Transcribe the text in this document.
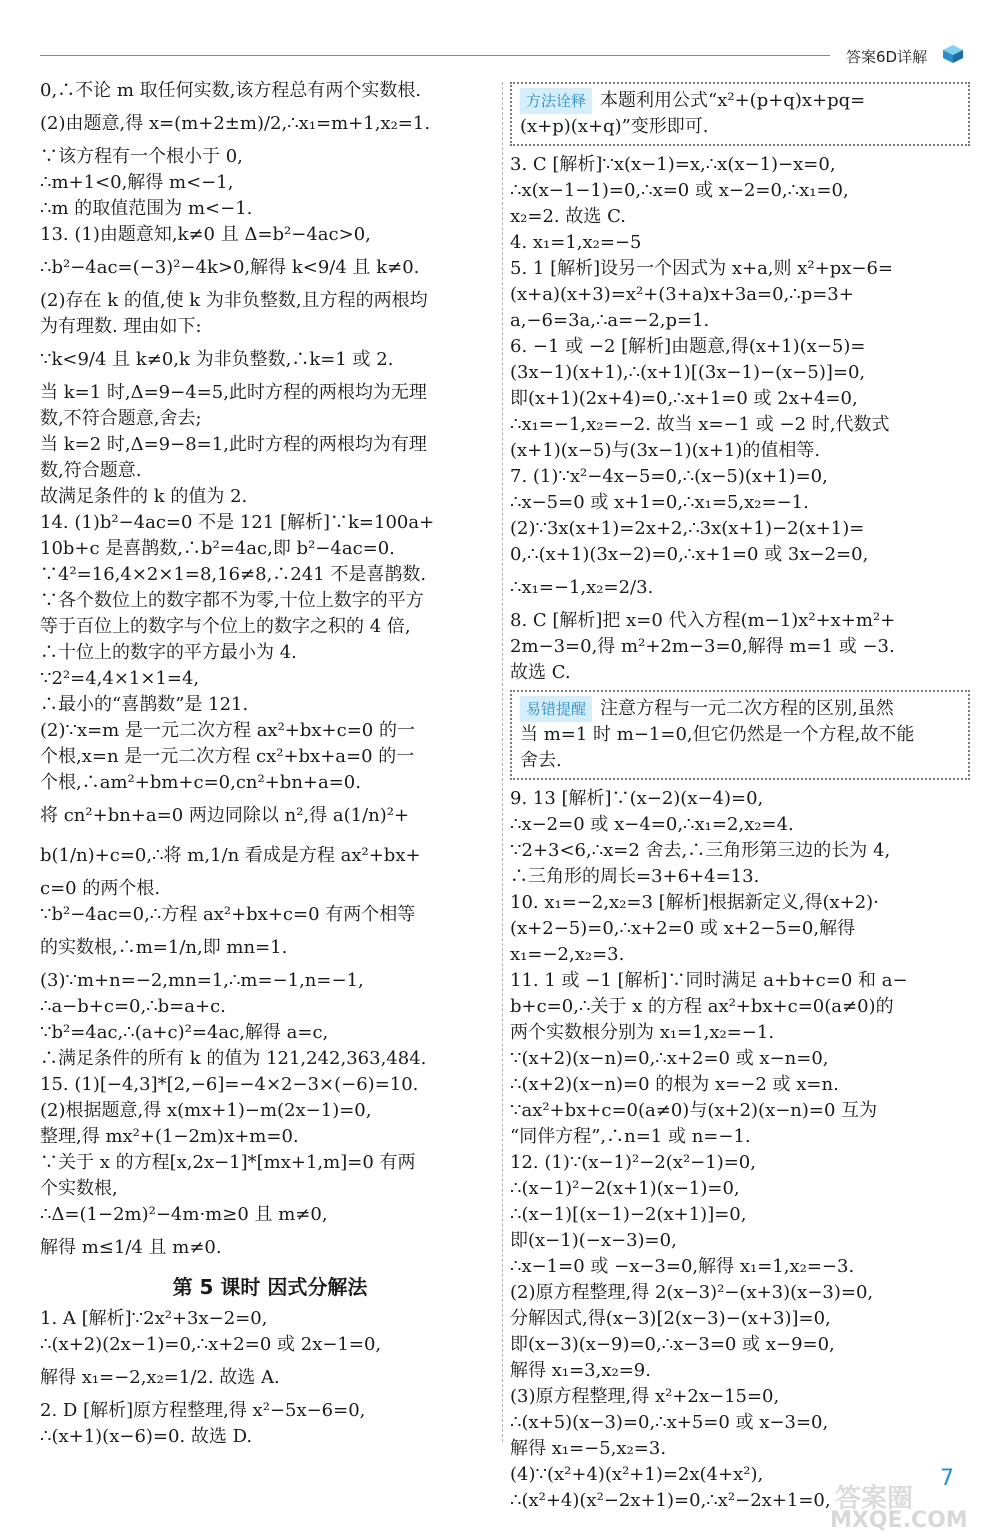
答案6D详解

0,∴不论 m 取任何实数,该方程总有两个实数根.

(2)由题意,得 x=(m+2±m)/2,∴x₁=m+1,x₂=1.

∵该方程有一个根小于 0,

∴m+1<0,解得 m<−1,

∴m 的取值范围为 m<−1.

13. (1)由题意知,k≠0 且 Δ=b²−4ac>0,

∴b²−4ac=(−3)²−4k>0,解得 k<9/4 且 k≠0.

(2)存在 k 的值,使 k 为非负整数,且方程的两根均

为有理数. 理由如下:

∵k<9/4 且 k≠0,k 为非负整数,∴k=1 或 2.

当 k=1 时,Δ=9−4=5,此时方程的两根均为无理

数,不符合题意,舍去;

当 k=2 时,Δ=9−8=1,此时方程的两根均为有理

数,符合题意.

故满足条件的 k 的值为 2.

14. (1)b²−4ac=0 不是 121 [解析]∵k=100a+

10b+c 是喜鹊数,∴b²=4ac,即 b²−4ac=0.

∵4²=16,4×2×1=8,16≠8,∴241 不是喜鹊数.

∵各个数位上的数字都不为零,十位上数字的平方

等于百位上的数字与个位上的数字之积的 4 倍,

∴十位上的数字的平方最小为 4.

∵2²=4,4×1×1=4,

∴最小的“喜鹊数”是 121.

(2)∵x=m 是一元二次方程 ax²+bx+c=0 的一

个根,x=n 是一元二次方程 cx²+bx+a=0 的一

个根,∴am²+bm+c=0,cn²+bn+a=0.

将 cn²+bn+a=0 两边同除以 n²,得 a(1/n)²+

b(1/n)+c=0,∴将 m,1/n 看成是方程 ax²+bx+

c=0 的两个根.

∵b²−4ac=0,∴方程 ax²+bx+c=0 有两个相等

的实数根,∴m=1/n,即 mn=1.

(3)∵m+n=−2,mn=1,∴m=−1,n=−1,

∴a−b+c=0,∴b=a+c.

∵b²=4ac,∴(a+c)²=4ac,解得 a=c,

∴满足条件的所有 k 的值为 121,242,363,484.

15. (1)[−4,3]*[2,−6]=−4×2−3×(−6)=10.

(2)根据题意,得 x(mx+1)−m(2x−1)=0,

整理,得 mx²+(1−2m)x+m=0.

∵关于 x 的方程[x,2x−1]*[mx+1,m]=0 有两

个实数根,

∴Δ=(1−2m)²−4m·m≥0 且 m≠0,

解得 m≤1/4 且 m≠0.

第 5 课时 因式分解法

1. A [解析]∵2x²+3x−2=0,

∴(x+2)(2x−1)=0,∴x+2=0 或 2x−1=0,

解得 x₁=−2,x₂=1/2. 故选 A.

2. D [解析]原方程整理,得 x²−5x−6=0,

∴(x+1)(x−6)=0. 故选 D.

方法诠释 本题利用公式“x²+(p+q)x+pq=

(x+p)(x+q)”变形即可.

3. C [解析]∵x(x−1)=x,∴x(x−1)−x=0,

∴x(x−1−1)=0,∴x=0 或 x−2=0,∴x₁=0,

x₂=2. 故选 C.

4. x₁=1,x₂=−5

5. 1 [解析]设另一个因式为 x+a,则 x²+px−6=

(x+a)(x+3)=x²+(3+a)x+3a=0,∴p=3+

a,−6=3a,∴a=−2,p=1.

6. −1 或 −2 [解析]由题意,得(x+1)(x−5)=

(3x−1)(x+1),∴(x+1)[(3x−1)−(x−5)]=0,

即(x+1)(2x+4)=0,∴x+1=0 或 2x+4=0,

∴x₁=−1,x₂=−2. 故当 x=−1 或 −2 时,代数式

(x+1)(x−5)与(3x−1)(x+1)的值相等.

7. (1)∵x²−4x−5=0,∴(x−5)(x+1)=0,

∴x−5=0 或 x+1=0,∴x₁=5,x₂=−1.

(2)∵3x(x+1)=2x+2,∴3x(x+1)−2(x+1)=

0,∴(x+1)(3x−2)=0,∴x+1=0 或 3x−2=0,

∴x₁=−1,x₂=2/3.

8. C [解析]把 x=0 代入方程(m−1)x²+x+m²+

2m−3=0,得 m²+2m−3=0,解得 m=1 或 −3.

故选 C.

易错提醒 注意方程与一元二次方程的区别,虽然

当 m=1 时 m−1=0,但它仍然是一个方程,故不能

舍去.

9. 13 [解析]∵(x−2)(x−4)=0,

∴x−2=0 或 x−4=0,∴x₁=2,x₂=4.

∵2+3<6,∴x=2 舍去,∴三角形第三边的长为 4,

∴三角形的周长=3+6+4=13.

10. x₁=−2,x₂=3 [解析]根据新定义,得(x+2)·

(x+2−5)=0,∴x+2=0 或 x+2−5=0,解得

x₁=−2,x₂=3.

11. 1 或 −1 [解析]∵同时满足 a+b+c=0 和 a−

b+c=0,∴关于 x 的方程 ax²+bx+c=0(a≠0)的

两个实数根分别为 x₁=1,x₂=−1.

∵(x+2)(x−n)=0,∴x+2=0 或 x−n=0,

∴(x+2)(x−n)=0 的根为 x=−2 或 x=n.

∵ax²+bx+c=0(a≠0)与(x+2)(x−n)=0 互为

“同伴方程”,∴n=1 或 n=−1.

12. (1)∵(x−1)²−2(x²−1)=0,

∴(x−1)²−2(x+1)(x−1)=0,

∴(x−1)[(x−1)−2(x+1)]=0,

即(x−1)(−x−3)=0,

∴x−1=0 或 −x−3=0,解得 x₁=1,x₂=−3.

(2)原方程整理,得 2(x−3)²−(x+3)(x−3)=0,

分解因式,得(x−3)[2(x−3)−(x+3)]=0,

即(x−3)(x−9)=0,∴x−3=0 或 x−9=0,

解得 x₁=3,x₂=9.

(3)原方程整理,得 x²+2x−15=0,

∴(x+5)(x−3)=0,∴x+5=0 或 x−3=0,

解得 x₁=−5,x₂=3.

(4)∵(x²+4)(x²+1)=2x(4+x²),

∴(x²+4)(x²−2x+1)=0,∴x²−2x+1=0, 答案圈
MXQE.COM
7
